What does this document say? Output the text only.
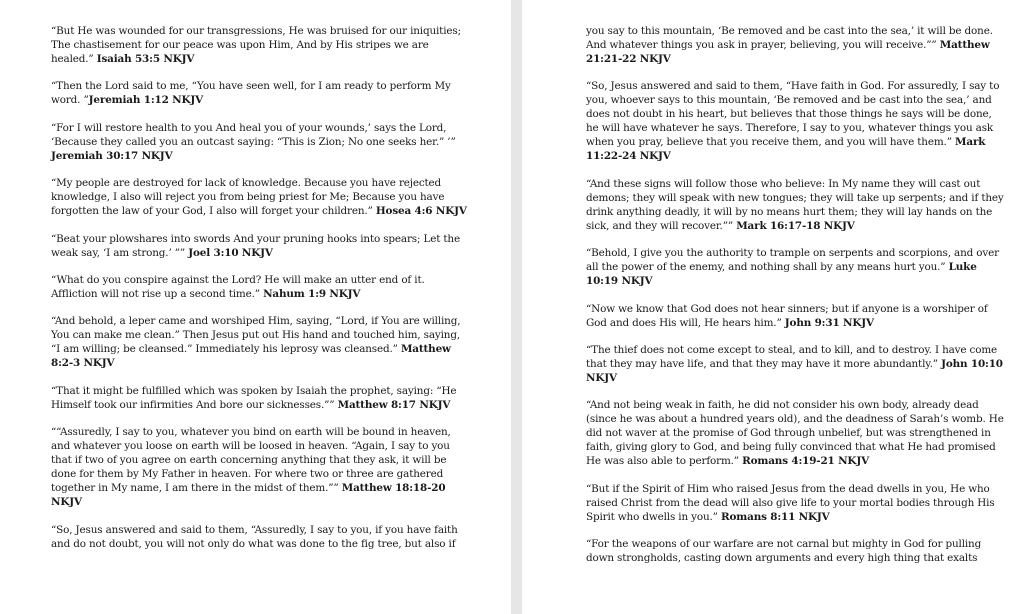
“But He was wounded for our transgressions, He was bruised for our iniquities; The chastisement for our peace was upon Him, And by His stripes we are healed.” Isaiah 53:5 NKJV

“Then the Lord said to me, “You have seen well, for I am ready to perform My word. ”Jeremiah 1:12 NKJV

“For I will restore health to you And heal you of your wounds,’ says the Lord, ‘Because they called you an outcast saying: “This is Zion; No one seeks her.” ’” Jeremiah 30:17 NKJV

“My people are destroyed for lack of knowledge. Because you have rejected knowledge, I also will reject you from being priest for Me; Because you have forgotten the law of your God, I also will forget your children.” Hosea 4:6 NKJV

“Beat your plowshares into swords And your pruning hooks into spears; Let the weak say, ‘I am strong.’ ”” Joel 3:10 NKJV

“What do you conspire against the Lord? He will make an utter end of it. Affliction will not rise up a second time.” Nahum 1:9 NKJV

“And behold, a leper came and worshiped Him, saying, “Lord, if You are willing, You can make me clean.” Then Jesus put out His hand and touched him, saying, “I am willing; be cleansed.” Immediately his leprosy was cleansed.” Matthew 8:2-3 NKJV

“That it might be fulfilled which was spoken by Isaiah the prophet, saying: “He Himself took our infirmities And bore our sicknesses.”” Matthew 8:17 NKJV

““Assuredly, I say to you, whatever you bind on earth will be bound in heaven, and whatever you loose on earth will be loosed in heaven. “Again, I say to you that if two of you agree on earth concerning anything that they ask, it will be done for them by My Father in heaven. For where two or three are gathered together in My name, I am there in the midst of them.”” Matthew 18:18-20 NKJV

“So, Jesus answered and said to them, “Assuredly, I say to you, if you have faith and do not doubt, you will not only do what was done to the fig tree, but also if

you say to this mountain, ‘Be removed and be cast into the sea,’ it will be done. And whatever things you ask in prayer, believing, you will receive.”” Matthew 21:21-22 NKJV

“So, Jesus answered and said to them, “Have faith in God. For assuredly, I say to you, whoever says to this mountain, ‘Be removed and be cast into the sea,’ and does not doubt in his heart, but believes that those things he says will be done, he will have whatever he says. Therefore, I say to you, whatever things you ask when you pray, believe that you receive them, and you will have them.” Mark 11:22-24 NKJV

“And these signs will follow those who believe: In My name they will cast out demons; they will speak with new tongues; they will take up serpents; and if they drink anything deadly, it will by no means hurt them; they will lay hands on the sick, and they will recover.”” Mark 16:17-18 NKJV

“Behold, I give you the authority to trample on serpents and scorpions, and over all the power of the enemy, and nothing shall by any means hurt you.” Luke 10:19 NKJV

“Now we know that God does not hear sinners; but if anyone is a worshiper of God and does His will, He hears him.” John 9:31 NKJV

“The thief does not come except to steal, and to kill, and to destroy. I have come that they may have life, and that they may have it more abundantly.” John 10:10 NKJV

“And not being weak in faith, he did not consider his own body, already dead (since he was about a hundred years old), and the deadness of Sarah’s womb. He did not waver at the promise of God through unbelief, but was strengthened in faith, giving glory to God, and being fully convinced that what He had promised He was also able to perform.” Romans 4:19-21 NKJV

“But if the Spirit of Him who raised Jesus from the dead dwells in you, He who raised Christ from the dead will also give life to your mortal bodies through His Spirit who dwells in you.” Romans 8:11 NKJV

“For the weapons of our warfare are not carnal but mighty in God for pulling down strongholds, casting down arguments and every high thing that exalts
